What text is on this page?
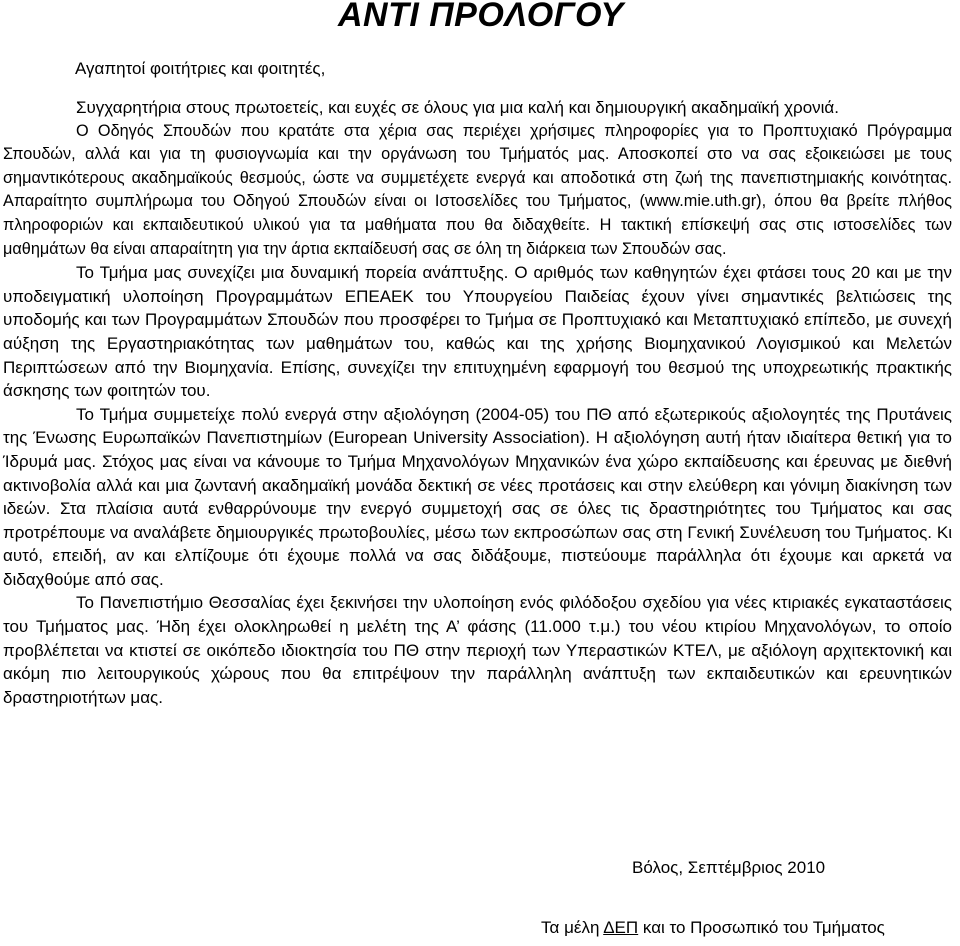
ΑΝΤΙ ΠΡΟΛΟΓΟΥ
Αγαπητοί φοιτήτριες και φοιτητές,

Συγχαρητήρια στους πρωτοετείς, και ευχές σε όλους για μια καλή και δημιουργική ακαδημαϊκή χρονιά.

Ο Οδηγός Σπουδών που κρατάτε στα χέρια σας περιέχει χρήσιμες πληροφορίες για το Προπτυχιακό Πρόγραμμα Σπουδών, αλλά και για τη φυσιογνωμία και την οργάνωση του Τμήματός μας. Αποσκοπεί στο να σας εξοικειώσει με τους σημαντικότερους ακαδημαϊκούς θεσμούς, ώστε να συμμετέχετε ενεργά και αποδοτικά στη ζωή της πανεπιστημιακής κοινότητας. Απαραίτητο συμπλήρωμα του Οδηγού Σπουδών είναι οι Ιστοσελίδες του Τμήματος, (www.mie.uth.gr), όπου θα βρείτε πλήθος πληροφοριών και εκπαιδευτικού υλικού για τα μαθήματα που θα διδαχθείτε. Η τακτική επίσκεψή σας στις ιστοσελίδες των μαθημάτων θα είναι απαραίτητη για την άρτια εκπαίδευσή σας σε όλη τη διάρκεια των Σπουδών σας.

Το Τμήμα μας συνεχίζει μια δυναμική πορεία ανάπτυξης. Ο αριθμός των καθηγητών έχει φτάσει τους 20 και με την υποδειγματική υλοποίηση Προγραμμάτων ΕΠΕΑΕΚ του Υπουργείου Παιδείας έχουν γίνει σημαντικές βελτιώσεις της υποδομής και των Προγραμμάτων Σπουδών που προσφέρει το Τμήμα σε Προπτυχιακό και Μεταπτυχιακό επίπεδο, με συνεχή αύξηση της Εργαστηριακότητας των μαθημάτων του, καθώς και της χρήσης Βιομηχανικού Λογισμικού και Μελετών Περιπτώσεων από την Βιομηχανία. Επίσης, συνεχίζει την επιτυχημένη εφαρμογή του θεσμού της υποχρεωτικής πρακτικής άσκησης των φοιτητών του.

Το Τμήμα συμμετείχε πολύ ενεργά στην αξιολόγηση (2004-05) του ΠΘ από εξωτερικούς αξιολογητές της Πρυτάνεις της Ένωσης Ευρωπαϊκών Πανεπιστημίων (European University Association). Η αξιολόγηση αυτή ήταν ιδιαίτερα θετική για το Ίδρυμά μας. Στόχος μας είναι να κάνουμε το Τμήμα Μηχανολόγων Μηχανικών ένα χώρο εκπαίδευσης και έρευνας με διεθνή ακτινοβολία αλλά και μια ζωντανή ακαδημαϊκή μονάδα δεκτική σε νέες προτάσεις και στην ελεύθερη και γόνιμη διακίνηση των ιδεών. Στα πλαίσια αυτά ενθαρρύνουμε την ενεργό συμμετοχή σας σε όλες τις δραστηριότητες του Τμήματος και σας προτρέπουμε να αναλάβετε δημιουργικές πρωτοβουλίες, μέσω των εκπροσώπων σας στη Γενική Συνέλευση του Τμήματος. Κι αυτό, επειδή, αν και ελπίζουμε ότι έχουμε πολλά να σας διδάξουμε, πιστεύουμε παράλληλα ότι έχουμε και αρκετά να διδαχθούμε από σας.

Το Πανεπιστήμιο Θεσσαλίας έχει ξεκινήσει την υλοποίηση ενός φιλόδοξου σχεδίου για νέες κτιριακές εγκαταστάσεις του Τμήματος μας. Ήδη έχει ολοκληρωθεί η μελέτη της Α’ φάσης (11.000 τ.μ.) του νέου κτιρίου Μηχανολόγων, το οποίο προβλέπεται να κτιστεί σε οικόπεδο ιδιοκτησία του ΠΘ στην περιοχή των Υπεραστικών ΚΤΕΛ, με αξιόλογη αρχιτεκτονική και ακόμη πιο λειτουργικούς χώρους που θα επιτρέψουν την παράλληλη ανάπτυξη των εκπαιδευτικών και ερευνητικών δραστηριοτήτων μας.

Βόλος, Σεπτέμβριος 2010
Τα μέλη ΔΕΠ και το Προσωπικό του Τμήματος
